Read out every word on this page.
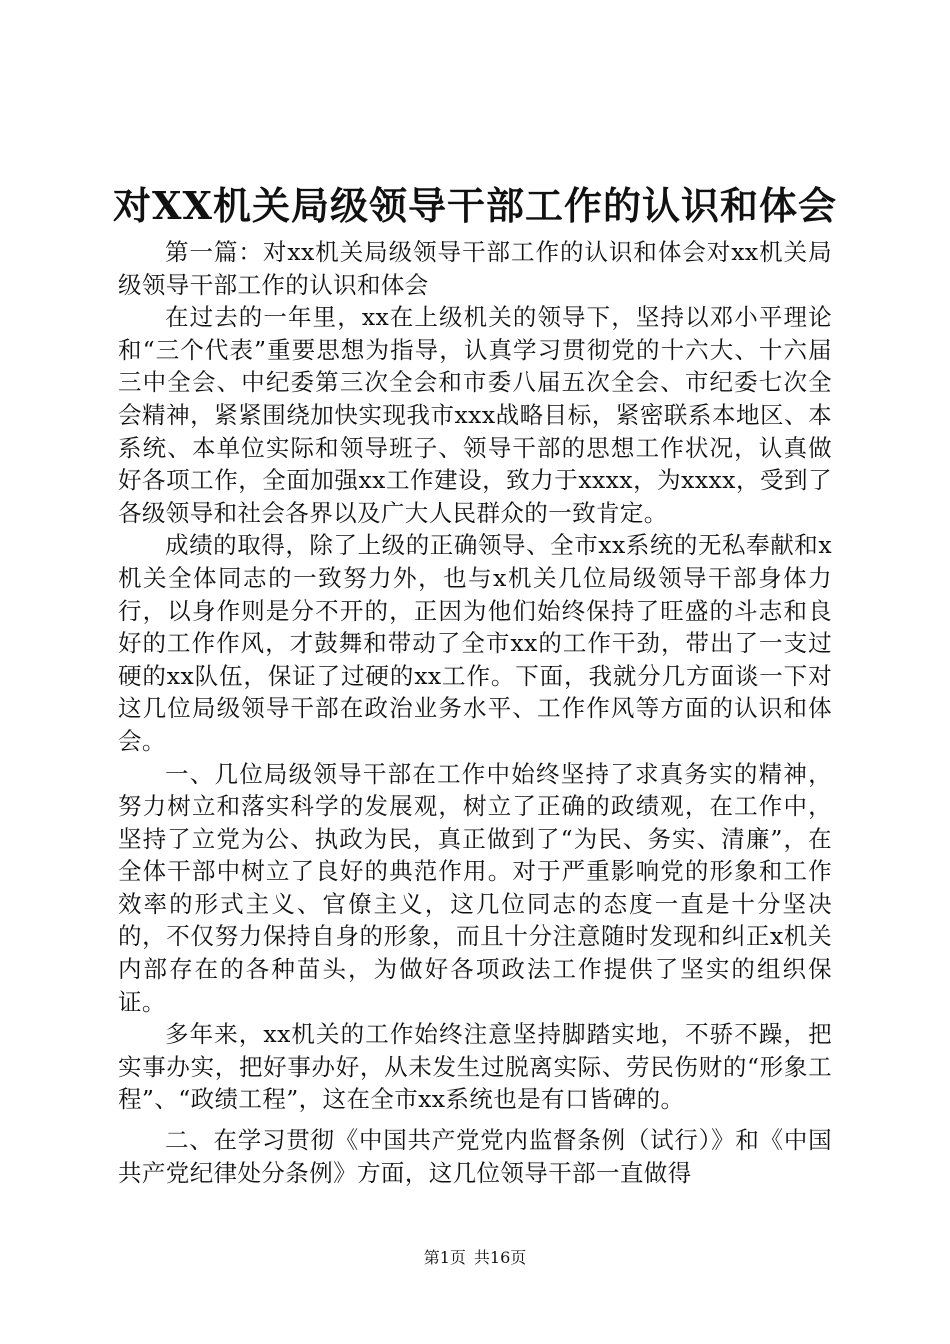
对XX机关局级领导干部工作的认识和体会

第一篇：对xx机关局级领导干部工作的认识和体会对xx机关局级领导干部工作的认识和体会

在过去的一年里，xx在上级机关的领导下，坚持以邓小平理论和“三个代表”重要思想为指导，认真学习贯彻党的十六大、十六届三中全会、中纪委第三次全会和市委八届五次全会、市纪委七次全会精神，紧紧围绕加快实现我市xxx战略目标，紧密联系本地区、本系统、本单位实际和领导班子、领导干部的思想工作状况，认真做好各项工作，全面加强xx工作建设，致力于xxxx，为xxxx，受到了各级领导和社会各界以及广大人民群众的一致肯定。

成绩的取得，除了上级的正确领导、全市xx系统的无私奉献和x机关全体同志的一致努力外，也与x机关几位局级领导干部身体力行，以身作则是分不开的，正因为他们始终保持了旺盛的斗志和良好的工作作风，才鼓舞和带动了全市xx的工作干劲，带出了一支过硬的xx队伍，保证了过硬的xx工作。下面，我就分几方面谈一下对这几位局级领导干部在政治业务水平、工作作风等方面的认识和体会。

一、几位局级领导干部在工作中始终坚持了求真务实的精神，努力树立和落实科学的发展观，树立了正确的政绩观，在工作中，坚持了立党为公、执政为民，真正做到了“为民、务实、清廉”，在全体干部中树立了良好的典范作用。对于严重影响党的形象和工作效率的形式主义、官僚主义，这几位同志的态度一直是十分坚决的，不仅努力保持自身的形象，而且十分注意随时发现和纠正x机关内部存在的各种苗头，为做好各项政法工作提供了坚实的组织保证。

多年来，xx机关的工作始终注意坚持脚踏实地，不骄不躁，把实事办实，把好事办好，从未发生过脱离实际、劳民伤财的“形象工程”、“政绩工程”，这在全市xx系统也是有口皆碑的。

二、在学习贯彻《中国共产党党内监督条例（试行）》和《中国共产党纪律处分条例》方面，这几位领导干部一直做得

第1页 共16页
